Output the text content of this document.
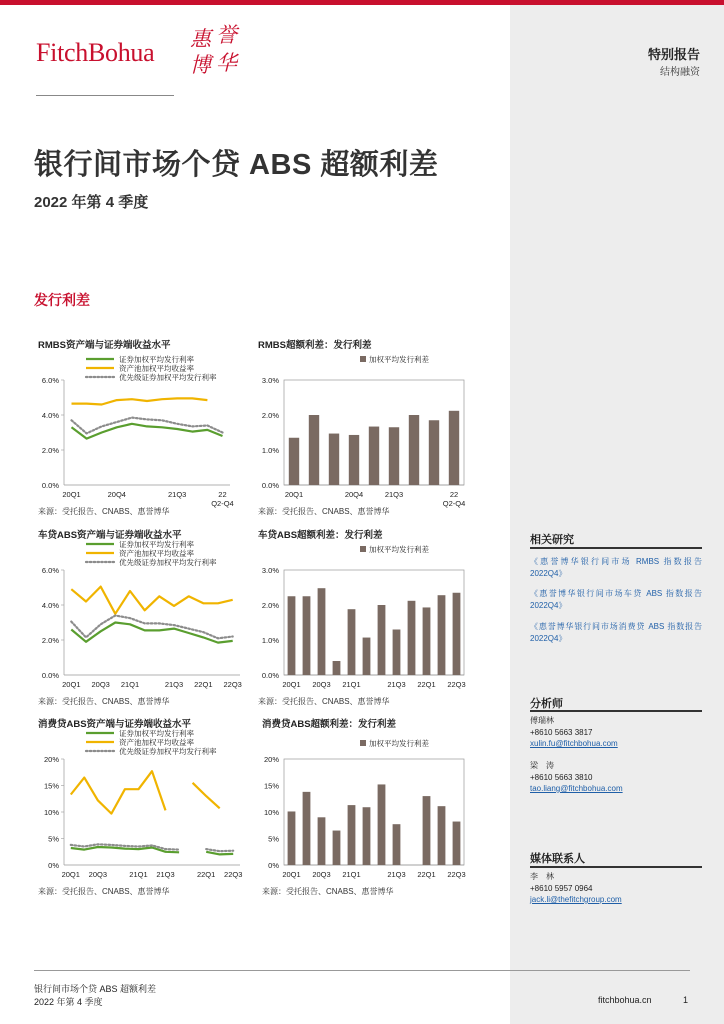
FitchBohua 惠 誉
博 华	特别报告
结构融资
银行间市场个贷 ABS 超额利差
2022 年第 4 季度
发行利差
RMBS资产端与证券端收益水平	RMBS超额利差：发行利差
车贷ABS资产端与证券端收益水平	车贷ABS超额利差：发行利差
消费贷ABS资产端与证券端收益水平	消费贷ABS超额利差：发行利差
0.0%
2.0%
4.0%
6.0%
证券加权平均发行利率
资产池加权平均收益率
优先级证券加权平均发行利率
20Q1	20Q4	21Q3	22
Q2-Q4
0.0%
1.0%
2.0%
3.0%
加权平均发行利差
20Q1	20Q4	21Q3	22
Q2-Q4
0.0%
2.0%
4.0%
6.0%
证券加权平均发行利率
资产池加权平均收益率
优先级证券加权平均发行利率
20Q1 20Q3 21Q1	21Q3 22Q1 22Q3
0.0%
1.0%
2.0%
3.0%
加权平均发行利差
20Q1 20Q3 21Q1	21Q3 22Q1 22Q3
0%
5%
10%
15%
20%
证券加权平均发行利率
资产池加权平均收益率
优先级证券加权平均发行利率
20Q1 20Q3	21Q1 21Q3	22Q1 22Q3
0%
5%
10%
15%
20%
加权平均发行利差
20Q1 20Q3 21Q1	21Q3 22Q1 22Q3
来源：受托报告、CNABS、惠誉博华	来源：受托报告、CNABS、惠誉博华
来源：受托报告、CNABS、惠誉博华	来源：受托报告、CNABS、惠誉博华
来源：受托报告、CNABS、惠誉博华	来源：受托报告、CNABS、惠誉博华
相关研究
《惠誉博华银行间市场 RMBS 指数报告 2022Q4》
《惠誉博华银行间市场车贷 ABS 指数报告 2022Q4》
《惠誉博华银行间市场消费贷 ABS 指数报告 2022Q4》
分析师
傅瑞林
+8610 5663 3817
xulin.fu@fitchbohua.com
梁　涛
+8610 5663 3810
tao.liang@fitchbohua.com
媒体联系人
李　林
+8610 5957 0964
jack.li@thefitchgroup.com
银行间市场个贷 ABS 超额利差
2022 年第 4 季度	fitchbohua.cn	1
